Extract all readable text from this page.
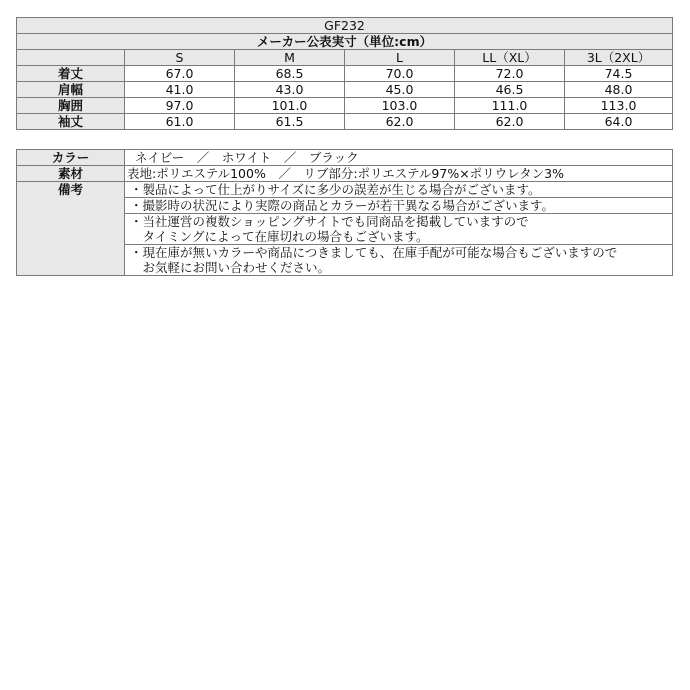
GF232					
メーカー公表実寸（単位:cm）					
	S	M	L	LL（XL）	3L（2XL）
着丈	67.0	68.5	70.0	72.0	74.5
肩幅	41.0	43.0	45.0	46.5	48.0
胸囲	97.0	101.0	103.0	111.0	113.0
袖丈	61.0	61.5	62.0	62.0	64.0
カラー	ネイビー　／　ホワイト　／　ブラック
素材	表地:ポリエステル100%　／　リブ部分:ポリエステル97%×ポリウレタン3%
備考	・製品によって仕上がりサイズに多少の誤差が生じる場合がございます。
	・撮影時の状況により実際の商品とカラーが若干異なる場合がございます。

	・当社運営の複数ショッピングサイトでも同商品を掲載していますので
　タイミングによって在庫切れの場合もございます。

	・現在庫が無いカラーや商品につきましても、在庫手配が可能な場合もございますので
　お気軽にお問い合わせください。
